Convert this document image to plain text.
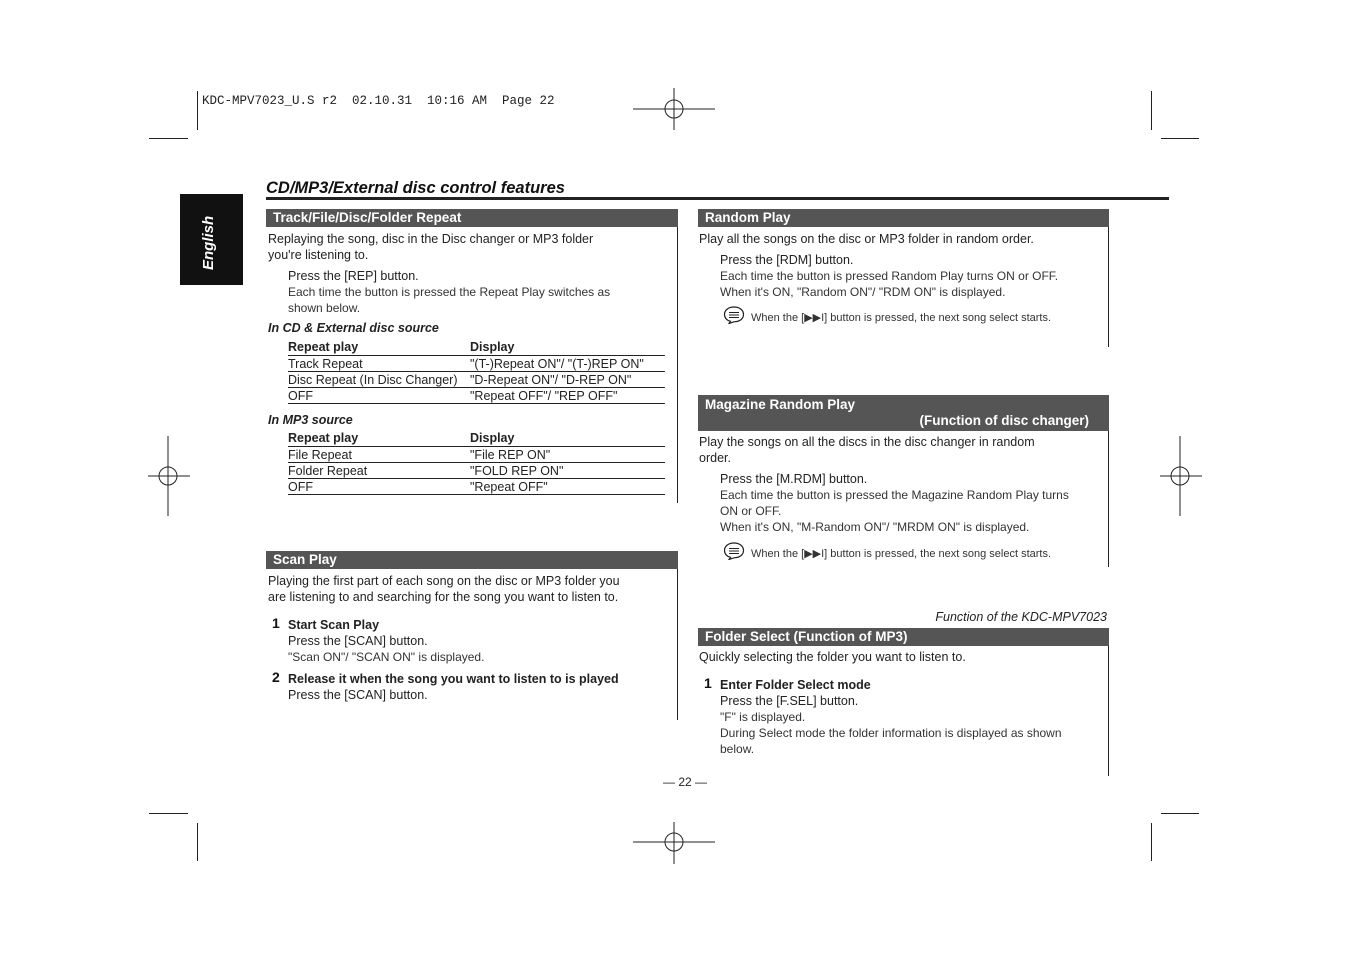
KDC-MPV7023_U.S r2  02.10.31  10:16 AM  Page 22
English
CD/MP3/External disc control features
Track/File/Disc/Folder Repeat
Replaying the song, disc in the Disc changer or MP3 folder
you're listening to.
Press the [REP] button.
Each time the button is pressed the Repeat Play switches as
shown below.
In CD & External disc source
Repeat play	Display
Track Repeat	"(T-)Repeat ON"/ "(T-)REP ON"
Disc Repeat (In Disc Changer)	"D-Repeat ON"/ "D-REP ON"
OFF	"Repeat OFF"/ "REP OFF"
In MP3 source
Repeat play	Display
File Repeat	"File REP ON"
Folder Repeat	"FOLD REP ON"
OFF	"Repeat OFF"
Scan Play
Playing the first part of each song on the disc or MP3 folder you
are listening to and searching for the song you want to listen to.
1 Start Scan Play
Press the [SCAN] button.
"Scan ON"/ "SCAN ON" is displayed.
2 Release it when the song you want to listen to is played
Press the [SCAN] button.
Random Play
Play all the songs on the disc or MP3 folder in random order.
Press the [RDM] button.
Each time the button is pressed Random Play turns ON or OFF.
When it's ON, "Random ON"/ "RDM ON" is displayed.
When the [▶▶I] button is pressed, the next song select starts.
Magazine Random Play
(Function of disc changer)
Play the songs on all the discs in the disc changer in random
order.
Press the [M.RDM] button.
Each time the button is pressed the Magazine Random Play turns
ON or OFF.
When it's ON, "M-Random ON"/ "MRDM ON" is displayed.
When the [▶▶I] button is pressed, the next song select starts.
Function of the KDC-MPV7023
Folder Select (Function of MP3)
Quickly selecting the folder you want to listen to.
1 Enter Folder Select mode
Press the [F.SEL] button.
"F" is displayed.
During Select mode the folder information is displayed as shown
below.
— 22 —
